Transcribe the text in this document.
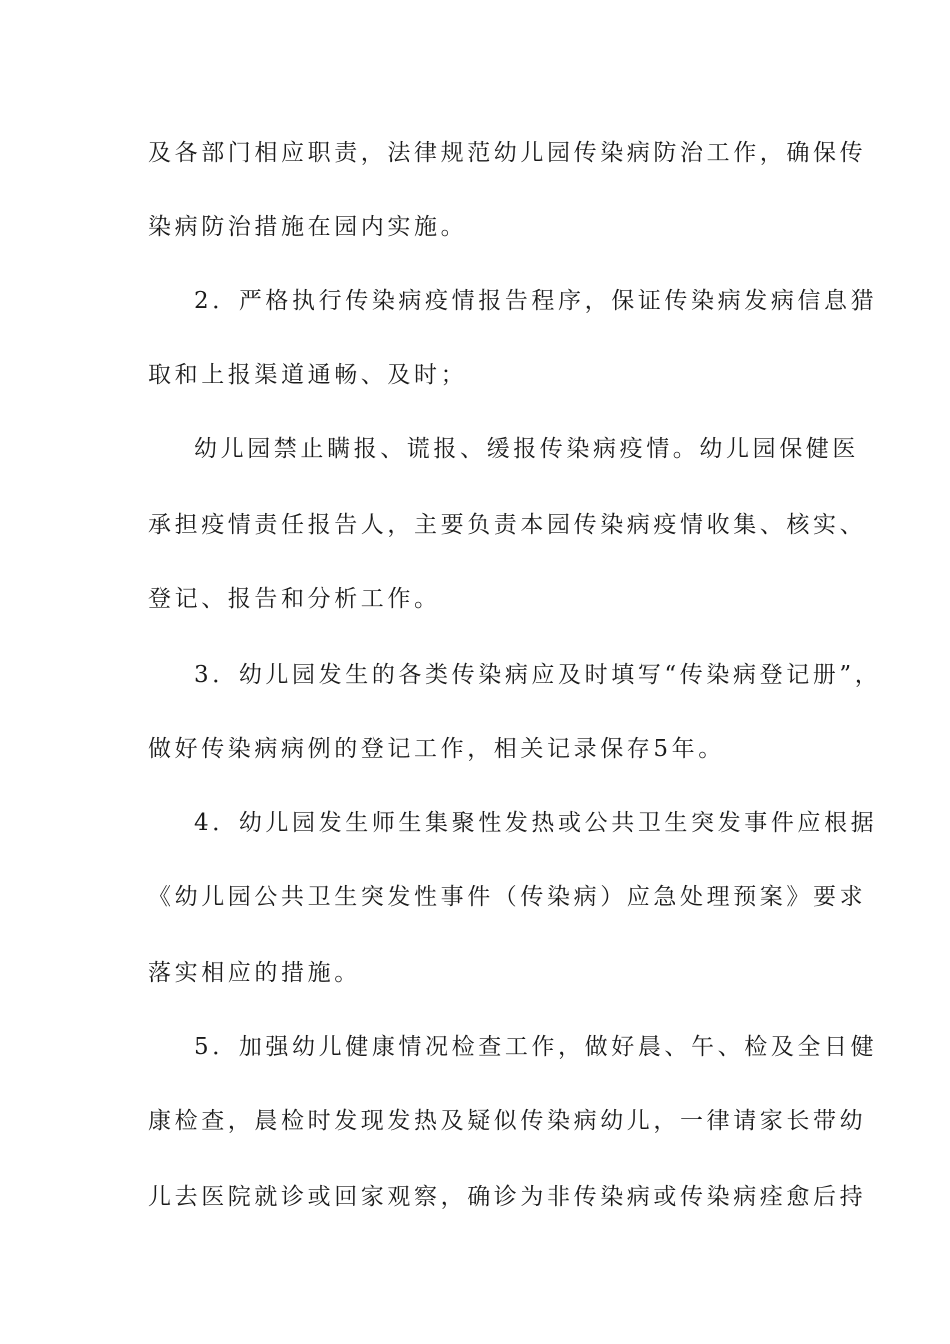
及各部门相应职责，法律规范幼儿园传染病防治工作，确保传
染病防治措施在园内实施。
2．严格执行传染病疫情报告程序，保证传染病发病信息猎
取和上报渠道通畅、及时；
幼儿园禁止瞒报、谎报、缓报传染病疫情。幼儿园保健医
承担疫情责任报告人，主要负责本园传染病疫情收集、核实、
登记、报告和分析工作。
3．幼儿园发生的各类传染病应及时填写“传染病登记册”，
做好传染病病例的登记工作，相关记录保存5年。
4．幼儿园发生师生集聚性发热或公共卫生突发事件应根据
《幼儿园公共卫生突发性事件（传染病）应急处理预案》要求
落实相应的措施。
5．加强幼儿健康情况检查工作，做好晨、午、检及全日健
康检查，晨检时发现发热及疑似传染病幼儿，一律请家长带幼
儿去医院就诊或回家观察，确诊为非传染病或传染病痊愈后持
